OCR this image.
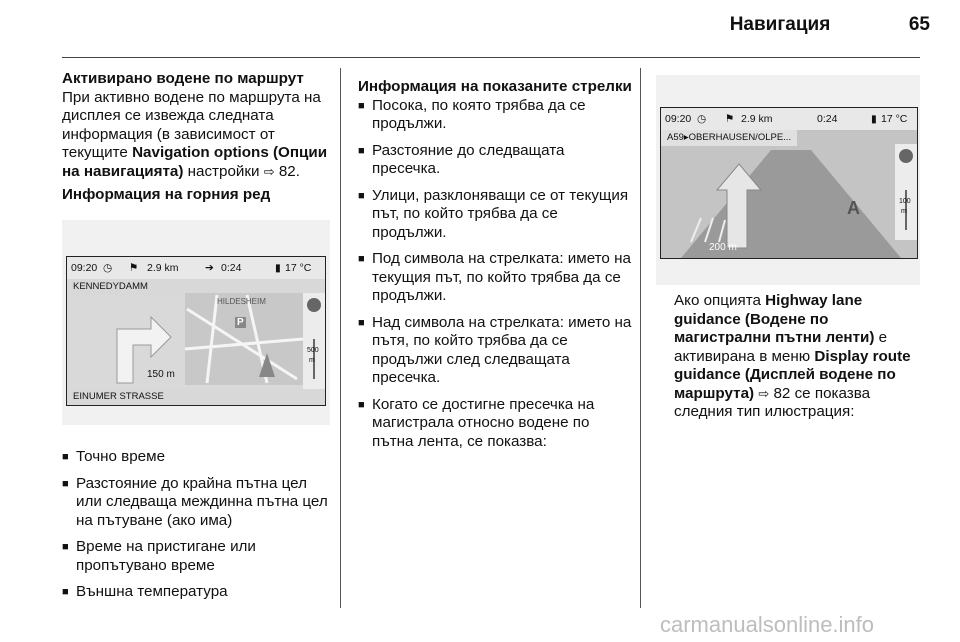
Навигация	65

Активирано водене по маршрут

При активно водене по маршрута на дисплея се извежда следната информация (в зависимост от текущите Navigation options (Опции на навигацията) настройки ⇨ 82.

Информация на горния ред

09:20 ◷ ⚑ 2.9 km	➔ 0:24	▮ 17 °C
KENNEDYDAMM
HILDESHEIM
P
500
m
150 m
EINUMER STRASSE
■ Точно време
■ Разстояние до крайна пътна цел или следваща междинна пътна цел на пътуване (ако има)
■ Време на пристигане или пропътувано време
■ Външна температура

Информация на показаните стрелки

■ Посока, по която трябва да се продължи.
■ Разстояние до следващата пресечка.
■ Улици, разклоняващи се от текущия път, по който трябва да се продължи.
■ Под символа на стрелката: името на текущия път, по който трябва да се продължи.
■ Над символа на стрелката: името на пътя, по който трябва да се продължи след следващата пресечка.
■ Когато се достигне пресечка на магистрала относно водене по пътна лента, се показва:
09:20 ◷ ⚑ 2.9 km	0:24	▮ 17 °C
A59▸OBERHAUSEN/OLPE...
A	100
m
200 m

Ако опцията Highway lane guidance (Водене по магистрални пътни ленти) е активирана в меню Display route guidance (Дисплей водене по маршрута) ⇨ 82 се показва следния тип илюстрация:

carmanualsonline.info
